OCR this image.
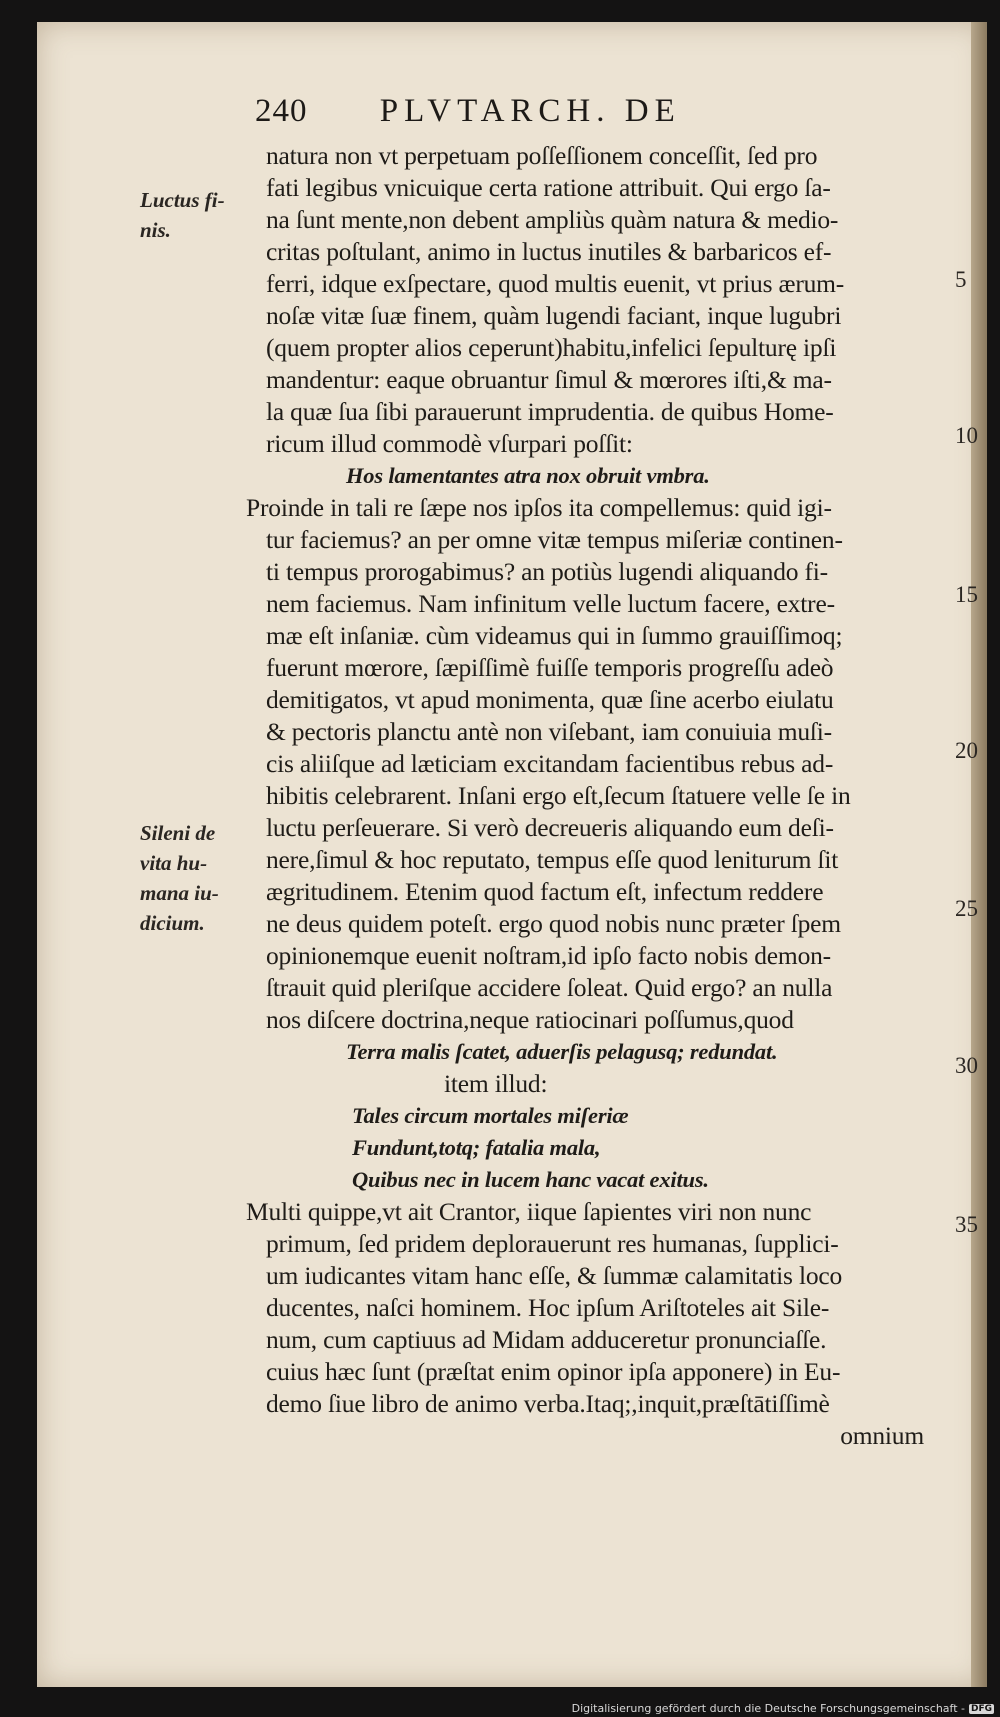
240 PLVTARCH. DE
natura non vt perpetuam poſſeſſionem conceſſit, ſed pro
fati legibus vnicuique certa ratione attribuit. Qui ergo ſa-
na ſunt mente,non debent ampliùs quàm natura & medio-
critas poſtulant, animo in luctus inutiles & barbaricos ef-
ferri, idque exſpectare, quod multis euenit, vt prius ærum-
noſæ vitæ ſuæ finem, quàm lugendi faciant, inque lugubri
(quem propter alios ceperunt)habitu,infelici ſepulturę ipſi
mandentur: eaque obruantur ſimul & mœrores iſti,& ma-
la quæ ſua ſibi parauerunt imprudentia. de quibus Home-
ricum illud commodè vſurpari poſſit:
Hos lamentantes atra nox obruit vmbra.
Proinde in tali re ſæpe nos ipſos ita compellemus: quid igi-
tur faciemus? an per omne vitæ tempus miſeriæ continen-
ti tempus prorogabimus? an potiùs lugendi aliquando fi-
nem faciemus. Nam infinitum velle luctum facere, extre-
mæ eſt inſaniæ. cùm videamus qui in ſummo grauiſſimoq;
fuerunt mœrore, ſæpiſſimè fuiſſe temporis progreſſu adeò
demitigatos, vt apud monimenta, quæ ſine acerbo eiulatu
& pectoris planctu antè non viſebant, iam conuiuia muſi-
cis aliiſque ad læticiam excitandam facientibus rebus ad-
hibitis celebrarent. Inſani ergo eſt,ſecum ſtatuere velle ſe in
luctu perſeuerare. Si verò decreueris aliquando eum deſi-
nere,ſimul & hoc reputato, tempus eſſe quod leniturum ſit
ægritudinem. Etenim quod factum eſt, infectum reddere
ne deus quidem poteſt. ergo quod nobis nunc præter ſpem
opinionemque euenit noſtram,id ipſo facto nobis demon-
ſtrauit quid pleriſque accidere ſoleat. Quid ergo? an nulla
nos diſcere doctrina,neque ratiocinari poſſumus,quod
Terra malis ſcatet, aduerſis pelagusq; redundat.
item illud:
Tales circum mortales miſeriæ
Fundunt,totq; fatalia mala,
Quibus nec in lucem hanc vacat exitus.
Multi quippe,vt ait Crantor, iique ſapientes viri non nunc
primum, ſed pridem deplorauerunt res humanas, ſupplici-
um iudicantes vitam hanc eſſe, & ſummæ calamitatis loco
ducentes, naſci hominem. Hoc ipſum Ariſtoteles ait Sile-
num, cum captiuus ad Midam adduceretur pronunciaſſe.
cuius hæc ſunt (præſtat enim opinor ipſa apponere) in Eu-
demo ſiue libro de animo verba.Itaq;,inquit,præſtātiſſimè
omnium
Luctus fi-
nis.
Sileni de
vita hu-
mana iu-
dicium.
5
10
15
20
25
30
35
Digitalisierung gefördert durch die Deutsche Forschungsgemeinschaft - DFG
